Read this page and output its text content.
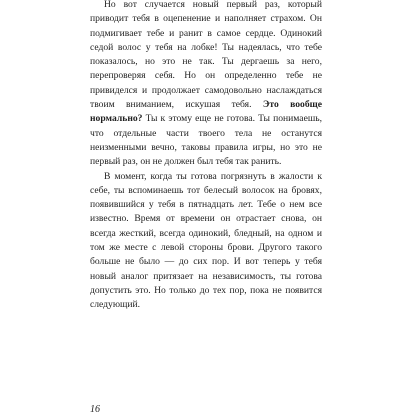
Но вот случается новый первый раз, который приводит тебя в оцепенение и наполняет страхом. Он подмигивает тебе и ранит в самое сердце. Одинокий седой волос у тебя на лобке! Ты надеялась, что тебе показалось, но это не так. Ты дергаешь за него, перепроверяя себя. Но он определенно тебе не привиделся и продолжает самодовольно наслаждаться твоим вниманием, искушая тебя. Это вообще нормально? Ты к этому еще не готова. Ты понимаешь, что отдельные части твоего тела не останутся неизменными вечно, таковы правила игры, но это не первый раз, он не должен был тебя так ранить.

В момент, когда ты готова погрязнуть в жалости к себе, ты вспоминаешь тот белесый волосок на бровях, появившийся у тебя в пятнадцать лет. Тебе о нем все известно. Время от времени он отрастает снова, он всегда жесткий, всегда одинокий, бледный, на одном и том же месте с левой стороны брови. Другого такого больше не было — до сих пор. И вот теперь у тебя новый аналог притязает на независимость, ты готова допустить это. Но только до тех пор, пока не появится следующий.

16
